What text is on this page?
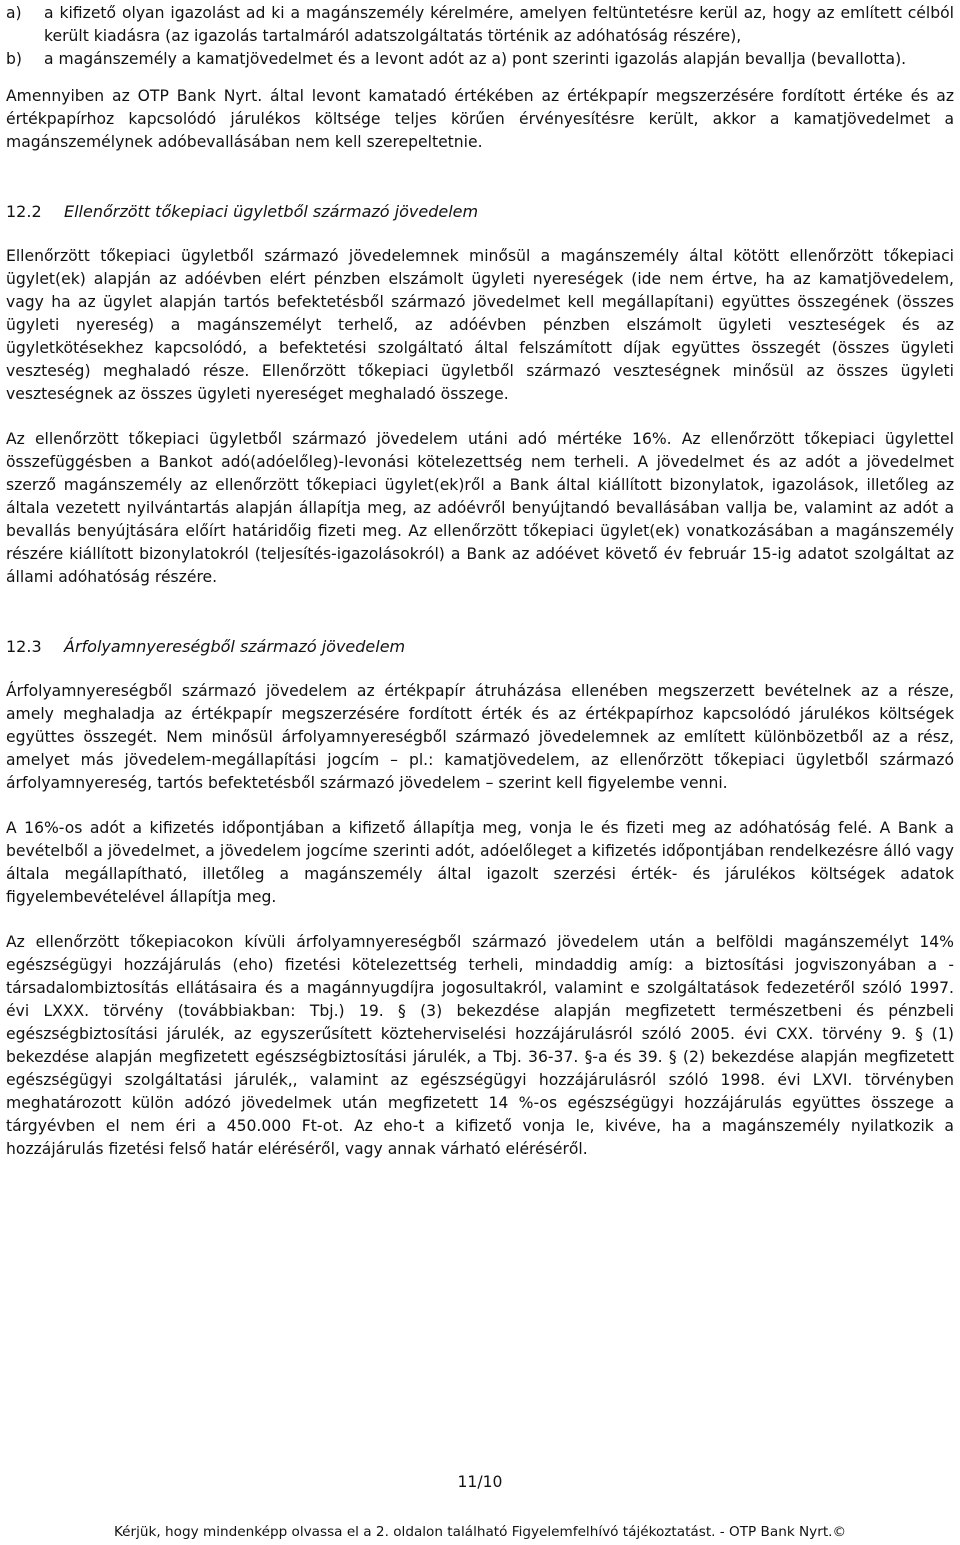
a)	a kifizető olyan igazolást ad ki a magánszemély kérelmére, amelyen feltüntetésre kerül az, hogy az említett célból került kiadásra (az igazolás tartalmáról adatszolgáltatás történik az adóhatóság részére),
b)	a magánszemély a kamatjövedelmet és a levont adót az a) pont szerinti igazolás alapján bevallja (bevallotta).

Amennyiben az OTP Bank Nyrt. által levont kamatadó értékében az értékpapír megszerzésére fordított értéke és az értékpapírhoz kapcsolódó járulékos költsége teljes körűen érvényesítésre került, akkor a kamatjövedelmet a magánszemélynek adóbevallásában nem kell szerepeltetnie.

12.2	Ellenőrzött tőkepiaci ügyletből származó jövedelem

Ellenőrzött tőkepiaci ügyletből származó jövedelemnek minősül a magánszemély által kötött ellenőrzött tőkepiaci ügylet(ek) alapján az adóévben elért pénzben elszámolt ügyleti nyereségek (ide nem értve, ha az kamatjövedelem, vagy ha az ügylet alapján tartós befektetésből származó jövedelmet kell megállapítani) együttes összegének (összes ügyleti nyereség) a magánszemélyt terhelő, az adóévben pénzben elszámolt ügyleti veszteségek és az ügyletkötésekhez kapcsolódó, a befektetési szolgáltató által felszámított díjak együttes összegét (összes ügyleti veszteség) meghaladó része. Ellenőrzött tőkepiaci ügyletből származó veszteségnek minősül az összes ügyleti veszteségnek az összes ügyleti nyereséget meghaladó összege.

Az ellenőrzött tőkepiaci ügyletből származó jövedelem utáni adó mértéke 16%. Az ellenőrzött tőkepiaci ügylettel összefüggésben a Bankot adó(adóelőleg)-levonási kötelezettség nem terheli. A jövedelmet és az adót a jövedelmet szerző magánszemély az ellenőrzött tőkepiaci ügylet(ek)ről a Bank által kiállított bizonylatok, igazolások, illetőleg az általa vezetett nyilvántartás alapján állapítja meg, az adóévről benyújtandó bevallásában vallja be, valamint az adót a bevallás benyújtására előírt határidőig fizeti meg. Az ellenőrzött tőkepiaci ügylet(ek) vonatkozásában a magánszemély részére kiállított bizonylatokról (teljesítés-igazolásokról) a Bank az adóévet követő év február 15-ig adatot szolgáltat az állami adóhatóság részére.

12.3	Árfolyamnyereségből származó jövedelem

Árfolyamnyereségből származó jövedelem az értékpapír átruházása ellenében megszerzett bevételnek az a része, amely meghaladja az értékpapír megszerzésére fordított érték és az értékpapírhoz kapcsolódó járulékos költségek együttes összegét. Nem minősül árfolyamnyereségből származó jövedelemnek az említett különbözetből az a rész, amelyet más jövedelem-megállapítási jogcím – pl.: kamatjövedelem, az ellenőrzött tőkepiaci ügyletből származó árfolyamnyereség, tartós befektetésből származó jövedelem – szerint kell figyelembe venni.

A 16%-os adót a kifizetés időpontjában a kifizető állapítja meg, vonja le és fizeti meg az adóhatóság felé. A Bank a bevételből a jövedelmet, a jövedelem jogcíme szerinti adót, adóelőleget a kifizetés időpontjában rendelkezésre álló vagy általa megállapítható, illetőleg a magánszemély által igazolt szerzési érték- és járulékos költségek adatok figyelembevételével állapítja meg.

Az ellenőrzött tőkepiacokon kívüli árfolyamnyereségből származó jövedelem után a belföldi magánszemélyt 14% egészségügyi hozzájárulás (eho) fizetési kötelezettség terheli, mindaddig amíg: a biztosítási jogviszonyában a - társadalombiztosítás ellátásaira és a magánnyugdíjra jogosultakról, valamint e szolgáltatások fedezetéről szóló 1997. évi LXXX. törvény (továbbiakban: Tbj.) 19. § (3) bekezdése alapján megfizetett természetbeni és pénzbeli egészségbiztosítási járulék, az egyszerűsített közteherviselési hozzájárulásról szóló 2005. évi CXX. törvény 9. § (1) bekezdése alapján megfizetett egészségbiztosítási járulék, a Tbj. 36-37. §-a és 39. § (2) bekezdése alapján megfizetett egészségügyi szolgáltatási járulék,, valamint az egészségügyi hozzájárulásról szóló 1998. évi LXVI. törvényben meghatározott külön adózó jövedelmek után megfizetett 14 %-os egészségügyi hozzájárulás együttes összege a tárgyévben el nem éri a 450.000 Ft-ot. Az eho-t a kifizető vonja le, kivéve, ha a magánszemély nyilatkozik a hozzájárulás fizetési felső határ eléréséről, vagy annak várható eléréséről.

11/10
Kérjük, hogy mindenképp olvassa el a 2. oldalon található Figyelemfelhívó tájékoztatást. - OTP Bank Nyrt.©
